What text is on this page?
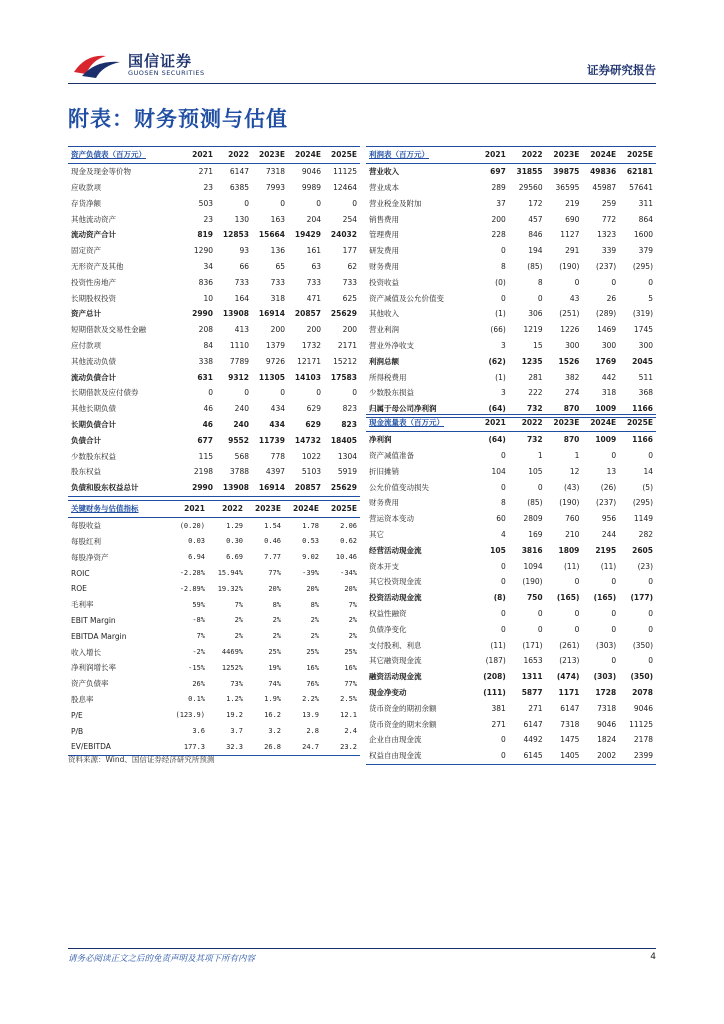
国信证券
GUOSEN SECURITIES	证券研究报告
附表：财务预测与估值
资产负债表（百万元）	2021	2022	2023E	2024E	2025E
现金及现金等价物	271	6147	7318	9046	11125
应收款项	23	6385	7993	9989	12464
存货净额	503	0	0	0	0
其他流动资产	23	130	163	204	254
流动资产合计	819	12853	15664	19429	24032
固定资产	1290	93	136	161	177
无形资产及其他	34	66	65	63	62
投资性房地产	836	733	733	733	733
长期股权投资	10	164	318	471	625
资产总计	2990	13908	16914	20857	25629
短期借款及交易性金融	208	413	200	200	200
应付款项	84	1110	1379	1732	2171
其他流动负债	338	7789	9726	12171	15212
流动负债合计	631	9312	11305	14103	17583
长期借款及应付债券	0	0	0	0	0
其他长期负债	46	240	434	629	823
长期负债合计	46	240	434	629	823
负债合计	677	9552	11739	14732	18405
少数股东权益	115	568	778	1022	1304
股东权益	2198	3788	4397	5103	5919
负债和股东权益总计	2990	13908	16914	20857	25629
关键财务与估值指标	2021	2022	2023E	2024E	2025E
每股收益	(0.20)	1.29	1.54	1.78	2.06
每股红利	0.03	0.30	0.46	0.53	0.62
每股净资产	6.94	6.69	7.77	9.02	10.46
ROIC	-2.28%	15.94%	77%	-39%	-34%
ROE	-2.89%	19.32%	20%	20%	20%
毛利率	59%	7%	8%	8%	7%
EBIT Margin	-8%	2%	2%	2%	2%
EBITDA Margin	7%	2%	2%	2%	2%
收入增长	-2%	4469%	25%	25%	25%
净利润增长率	-15%	1252%	19%	16%	16%
资产负债率	26%	73%	74%	76%	77%
股息率	0.1%	1.2%	1.9%	2.2%	2.5%
P/E	(123.9)	19.2	16.2	13.9	12.1
P/B	3.6	3.7	3.2	2.8	2.4
EV/EBITDA	177.3	32.3	26.8	24.7	23.2
利润表（百万元）	2021	2022	2023E	2024E	2025E
营业收入	697	31855	39875	49836	62181
营业成本	289	29560	36595	45987	57641
营业税金及附加	37	172	219	259	311
销售费用	200	457	690	772	864
管理费用	228	846	1127	1323	1600
研发费用	0	194	291	339	379
财务费用	8	(85)	(190)	(237)	(295)
投资收益	(0)	8	0	0	0
资产减值及公允价值变	0	0	43	26	5
其他收入	(1)	306	(251)	(289)	(319)
营业利润	(66)	1219	1226	1469	1745
营业外净收支	3	15	300	300	300
利润总额	(62)	1235	1526	1769	2045
所得税费用	(1)	281	382	442	511
少数股东损益	3	222	274	318	368
归属于母公司净利润	(64)	732	870	1009	1166
现金流量表（百万元）	2021	2022	2023E	2024E	2025E
净利润	(64)	732	870	1009	1166
资产减值准备	0	1	1	0	0
折旧摊销	104	105	12	13	14
公允价值变动损失	0	0	(43)	(26)	(5)
财务费用	8	(85)	(190)	(237)	(295)
营运资本变动	60	2809	760	956	1149
其它	4	169	210	244	282
经营活动现金流	105	3816	1809	2195	2605
资本开支	0	1094	(11)	(11)	(23)
其它投资现金流	0	(190)	0	0	0
投资活动现金流	(8)	750	(165)	(165)	(177)
权益性融资	0	0	0	0	0
负债净变化	0	0	0	0	0
支付股利、利息	(11)	(171)	(261)	(303)	(350)
其它融资现金流	(187)	1653	(213)	0	0
融资活动现金流	(208)	1311	(474)	(303)	(350)
现金净变动	(111)	5877	1171	1728	2078
货币资金的期初余额	381	271	6147	7318	9046
货币资金的期末余额	271	6147	7318	9046	11125
企业自由现金流	0	4492	1475	1824	2178
权益自由现金流	0	6145	1405	2002	2399
资料来源：Wind、国信证券经济研究所预测
请务必阅读正文之后的免责声明及其项下所有内容	4
